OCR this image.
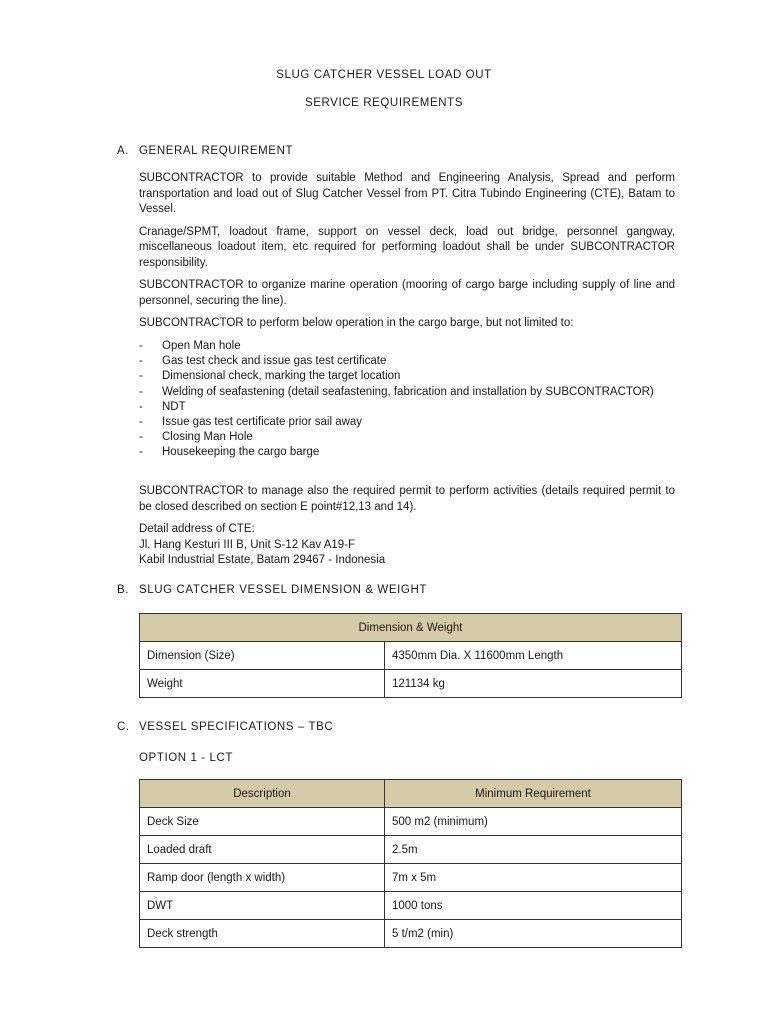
SLUG CATCHER VESSEL LOAD OUT
SERVICE REQUIREMENTS
A. GENERAL REQUIREMENT

SUBCONTRACTOR to provide suitable Method and Engineering Analysis, Spread and perform transportation and load out of Slug Catcher Vessel from PT. Citra Tubindo Engineering (CTE), Batam to Vessel.

Cranage/SPMT, loadout frame, support on vessel deck, load out bridge, personnel gangway, miscellaneous loadout item, etc required for performing loadout shall be under SUBCONTRACTOR responsibility.

SUBCONTRACTOR to organize marine operation (mooring of cargo barge including supply of line and personnel, securing the line).

SUBCONTRACTOR to perform below operation in the cargo barge, but not limited to:

- Open Man hole
- Gas test check and issue gas test certificate
- Dimensional check, marking the target location
- Welding of seafastening (detail seafastening, fabrication and installation by SUBCONTRACTOR)
- NDT
- Issue gas test certificate prior sail away
- Closing Man Hole
- Housekeeping the cargo barge

SUBCONTRACTOR to manage also the required permit to perform activities (details required permit to be closed described on section E point#12,13 and 14).

Detail address of CTE:
Jl. Hang Kesturi III B, Unit S-12 Kav A19-F
Kabil Industrial Estate, Batam 29467 - Indonesia
B. SLUG CATCHER VESSEL DIMENSION & WEIGHT
Dimension & Weight	
Dimension (Size)	4350mm Dia. X 11600mm Length
Weight	121134 kg
C. VESSEL SPECIFICATIONS – TBC
OPTION 1 - LCT
Description	Minimum Requirement
Deck Size	500 m2 (minimum)
Loaded draft	2.5m
Ramp door (length x width)	7m x 5m
DWT	1000 tons
Deck strength	5 t/m2 (min)
